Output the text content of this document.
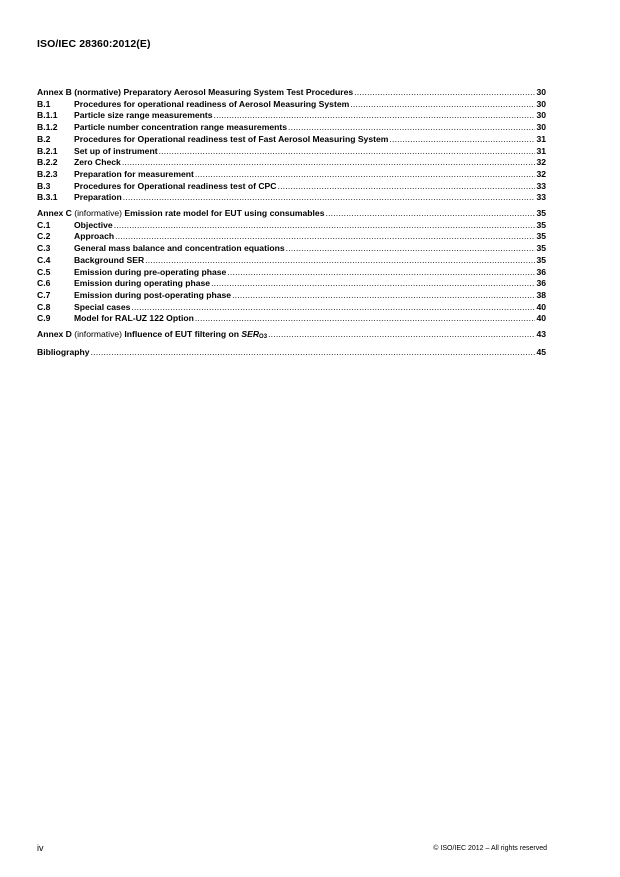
ISO/IEC 28360:2012(E)
Annex B (normative) Preparatory Aerosol Measuring System Test Procedures .....	30
B.1	Procedures for operational readiness of Aerosol Measuring System .....	30
B.1.1	Particle size range measurements .....	30
B.1.2	Particle number concentration range measurements .....	30
B.2	Procedures for Operational readiness test of Fast Aerosol Measuring System .....	31
B.2.1	Set up of instrument .....	31
B.2.2	Zero Check .....	32
B.2.3	Preparation for measurement .....	32
B.3	Procedures for Operational readiness test of CPC .....	33
B.3.1	Preparation .....	33
Annex C (informative) Emission rate model for EUT using consumables .....	35
C.1	Objective .....	35
C.2	Approach .....	35
C.3	General mass balance and concentration equations .....	35
C.4	Background SER .....	35
C.5	Emission during pre-operating phase .....	36
C.6	Emission during operating phase .....	36
C.7	Emission during post-operating phase .....	38
C.8	Special cases .....	40
C.9	Model for RAL-UZ 122 Option .....	40
Annex D (informative) Influence of EUT filtering on SERO3 .....	43
Bibliography .....	45
iv	© ISO/IEC 2012 – All rights reserved
